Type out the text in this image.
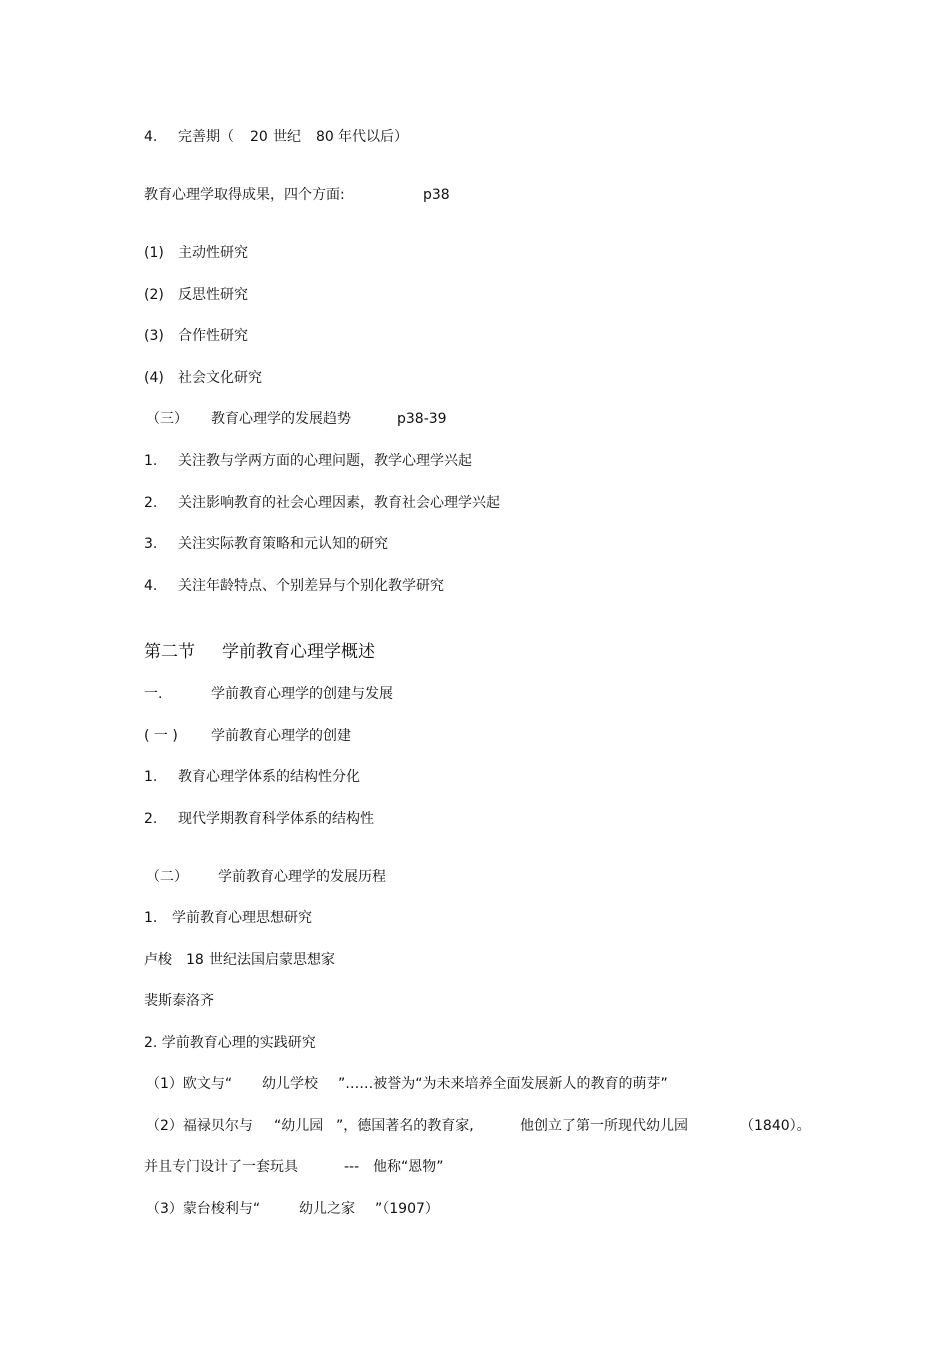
4. 完善期（ 20 世纪 80 年代以后）
教育心理学取得成果，四个方面:	p38
(1) 主动性研究
(2) 反思性研究
(3) 合作性研究
(4) 社会文化研究
（三） 教育心理学的发展趋势	p38-39
1. 关注教与学两方面的心理问题，教学心理学兴起
2. 关注影响教育的社会心理因素，教育社会心理学兴起
3. 关注实际教育策略和元认知的研究
4. 关注年龄特点、个别差异与个别化教学研究
第二节 学前教育心理学概述
一.	学前教育心理学的创建与发展
( 一 ) 学前教育心理学的创建
1. 教育心理学体系的结构性分化
2. 现代学期教育科学体系的结构性
（二） 学前教育心理学的发展历程
1. 学前教育心理思想研究
卢梭 18 世纪法国启蒙思想家
裴斯泰洛齐
2. 学前教育心理的实践研究
（1）欧文与“ 幼儿学校 ”……被誉为“为未来培养全面发展新人的教育的萌芽”
（2）福禄贝尔与 “幼儿园 ”，德国著名的教育家,	他创立了第一所现代幼儿园	（1840）。
并且专门设计了一套玩具	--- 他称“恩物”
（3）蒙台梭利与“	幼儿之家 ”（1907）
